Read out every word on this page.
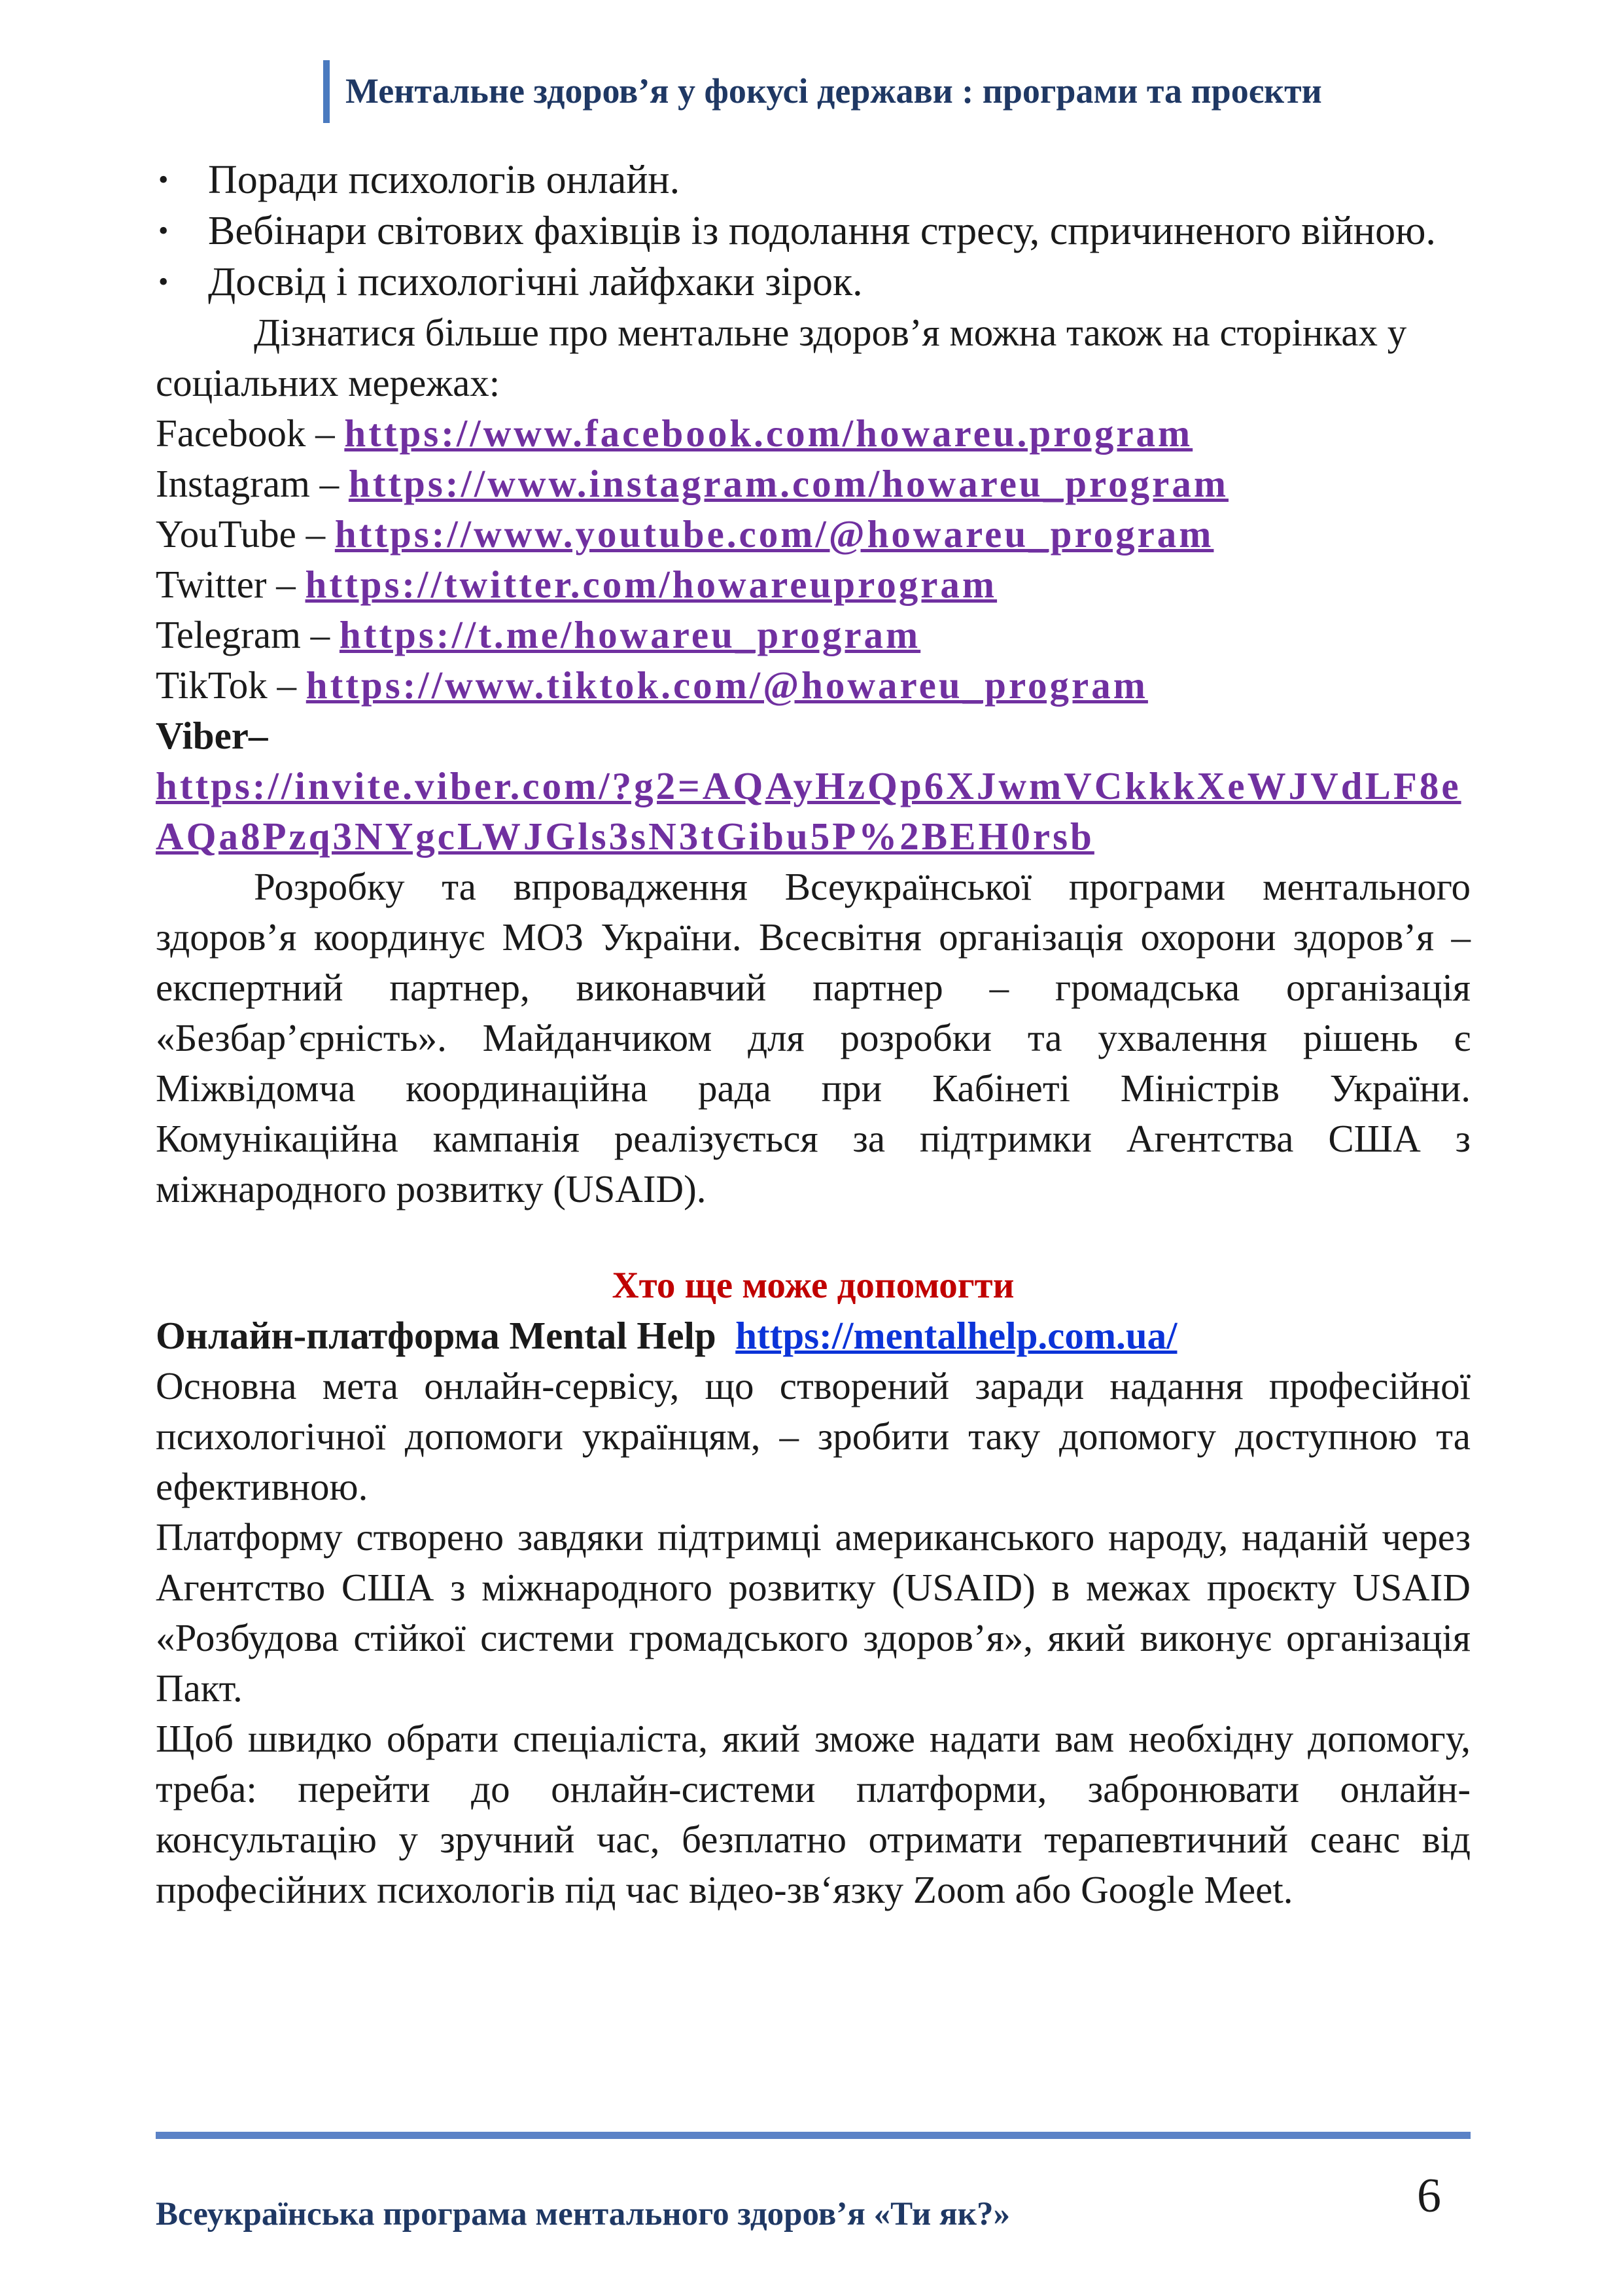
Ментальне здоров’я у фокусі держави : програми та проєкти
• Поради психологів онлайн.
• Вебінари світових фахівців із подолання стресу, спричиненого війною.
• Досвід і психологічні лайфхаки зірок.

Дізнатися більше про ментальне здоров’я можна також на сторінках у соціальних мережах:

Facebook – https://www.facebook.com/howareu.program
Instagram – https://www.instagram.com/howareu_program
YouTube – https://www.youtube.com/@howareu_program
Twitter – https://twitter.com/howareuprogram
Telegram – https://t.me/howareu_program
TikTok – https://www.tiktok.com/@howareu_program
Viber–
https://invite.viber.com/?g2=AQAyHzQp6XJwmVCkkkXeWJVdLF8eAQa8Pzq3NYgcLWJGls3sN3tGibu5P%2BEH0rsb

Розробку та впровадження Всеукраїнської програми ментального здоров’я координує МОЗ України. Всесвітня організація охорони здоров’я – експертний партнер, виконавчий партнер – громадська організація «Безбар’єрність». Майданчиком для розробки та ухвалення рішень є Міжвідомча координаційна рада при Кабінеті Міністрів України. Комунікаційна кампанія реалізується за підтримки Агентства США з міжнародного розвитку (USAID).

Хто ще може допомогти
Онлайн-платформа Mental Help https://mentalhelp.com.ua/

Основна мета онлайн-сервісу, що створений заради надання професійної психологічної допомоги українцям, – зробити таку допомогу доступною та ефективною.

Платформу створено завдяки підтримці американського народу, наданій через Агентство США з міжнародного розвитку (USAID) в межах проєкту USAID «Розбудова стійкої системи громадського здоров’я», який виконує організація Пакт.

Щоб швидко обрати спеціаліста, який зможе надати вам необхідну допомогу, треба: перейти до онлайн-системи платформи, забронювати онлайн-консультацію у зручний час, безплатно отримати терапевтичний сеанс від професійних психологів під час відео-зв‘язку Zoom або Google Meet.

Всеукраїнська програма ментального здоров’я «Ти як?»	6
